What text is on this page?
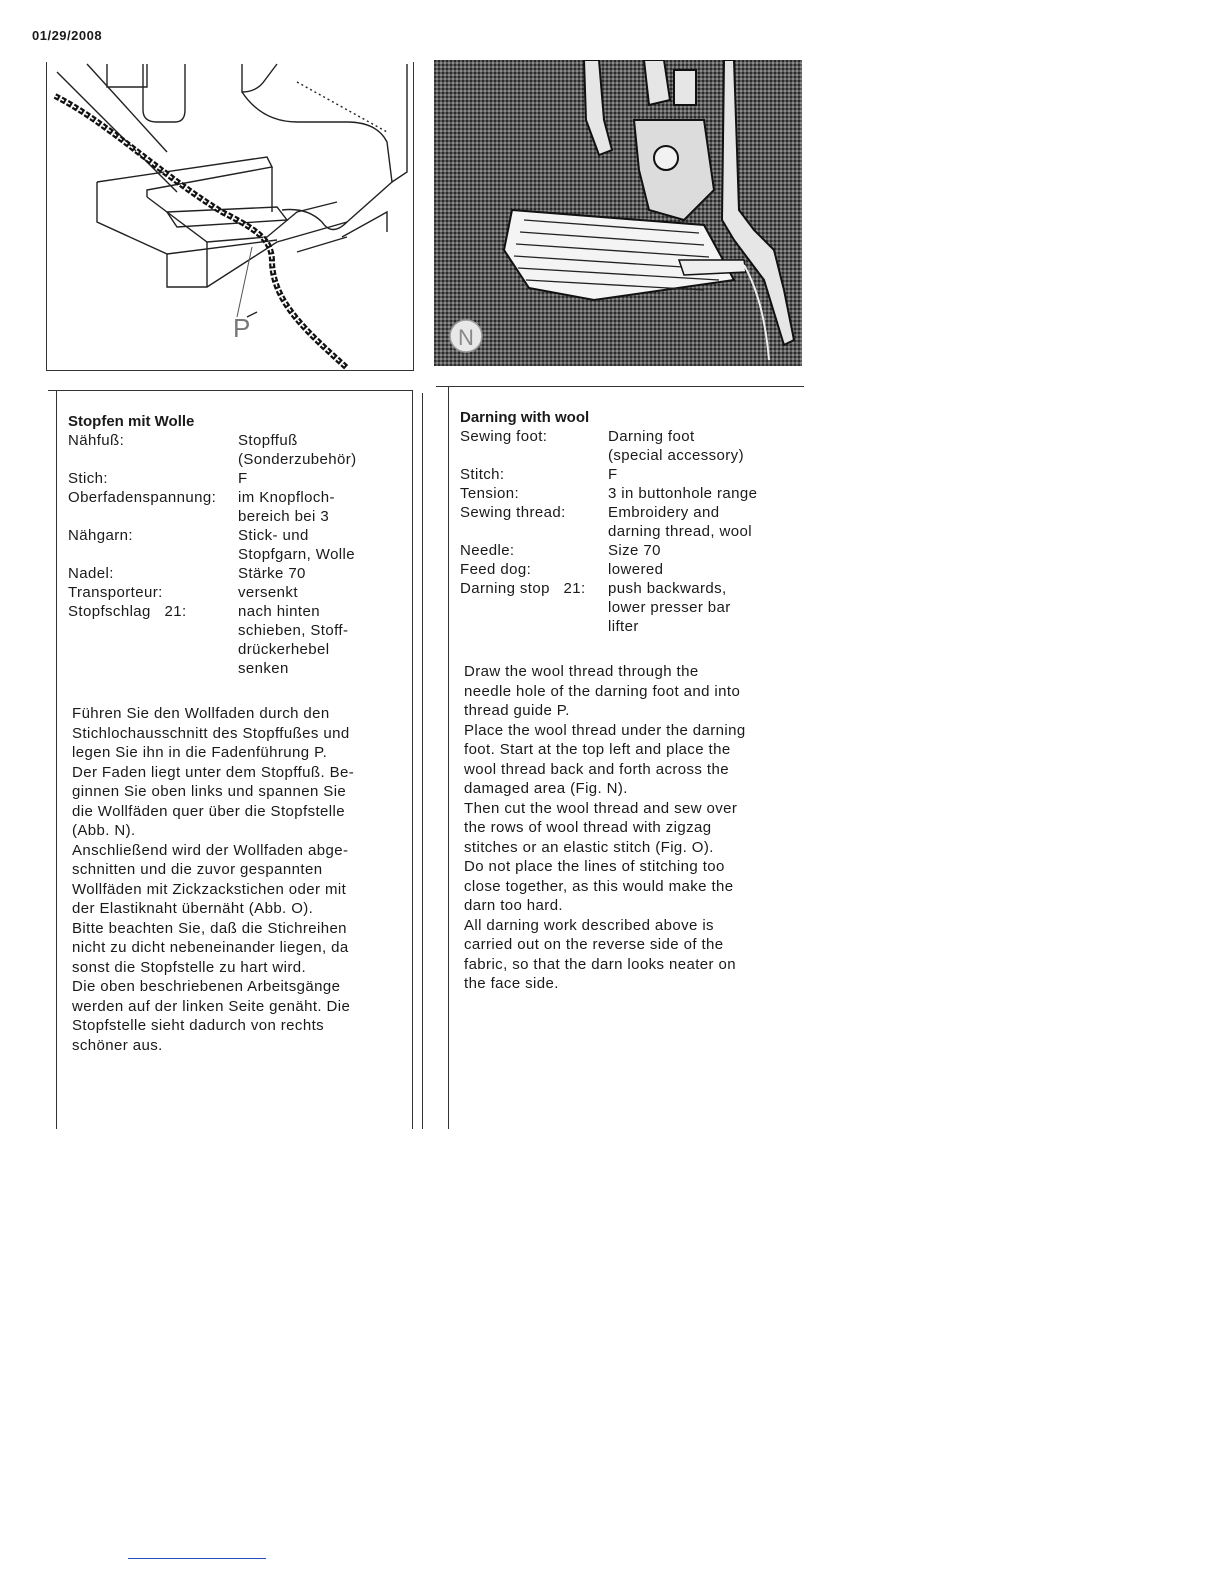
01/29/2008
P	N
Stopfen mit Wolle
Nähfuß:	Stopffuß
(Sonderzubehör)
Stich:	F
Oberfadenspannung:	im Knopfloch-
bereich bei 3
Nähgarn:	Stick- und
Stopfgarn, Wolle
Nadel:	Stärke 70
Transporteur:	versenkt
Stopfschlag   21:	nach hinten
schieben, Stoff-
drückerhebel
senken

Führen Sie den Wollfaden durch den
Stichlochausschnitt des Stopffußes und
legen Sie ihn in die Fadenführung P.
Der Faden liegt unter dem Stopffuß. Be-
ginnen Sie oben links und spannen Sie
die Wollfäden quer über die Stopfstelle
(Abb. N).
Anschließend wird der Wollfaden abge-
schnitten und die zuvor gespannten
Wollfäden mit Zickzackstichen oder mit
der Elastiknaht übernäht (Abb. O).
Bitte beachten Sie, daß die Stichreihen
nicht zu dicht nebeneinander liegen, da
sonst die Stopfstelle zu hart wird.
Die oben beschriebenen Arbeitsgänge
werden auf der linken Seite genäht. Die
Stopfstelle sieht dadurch von rechts
schöner aus.

Darning with wool
Sewing foot:	Darning foot
(special accessory)
Stitch:	F
Tension:	3 in buttonhole range
Sewing thread:	Embroidery and
darning thread, wool
Needle:	Size 70
Feed dog:	lowered
Darning stop   21:	push backwards,
lower presser bar
lifter

Draw the wool thread through the
needle hole of the darning foot and into
thread guide P.
Place the wool thread under the darning
foot. Start at the top left and place the
wool thread back and forth across the
damaged area (Fig. N).
Then cut the wool thread and sew over
the rows of wool thread with zigzag
stitches or an elastic stitch (Fig. O).
Do not place the lines of stitching too
close together, as this would make the
darn too hard.
All darning work described above is
carried out on the reverse side of the
fabric, so that the darn looks neater on
the face side.
